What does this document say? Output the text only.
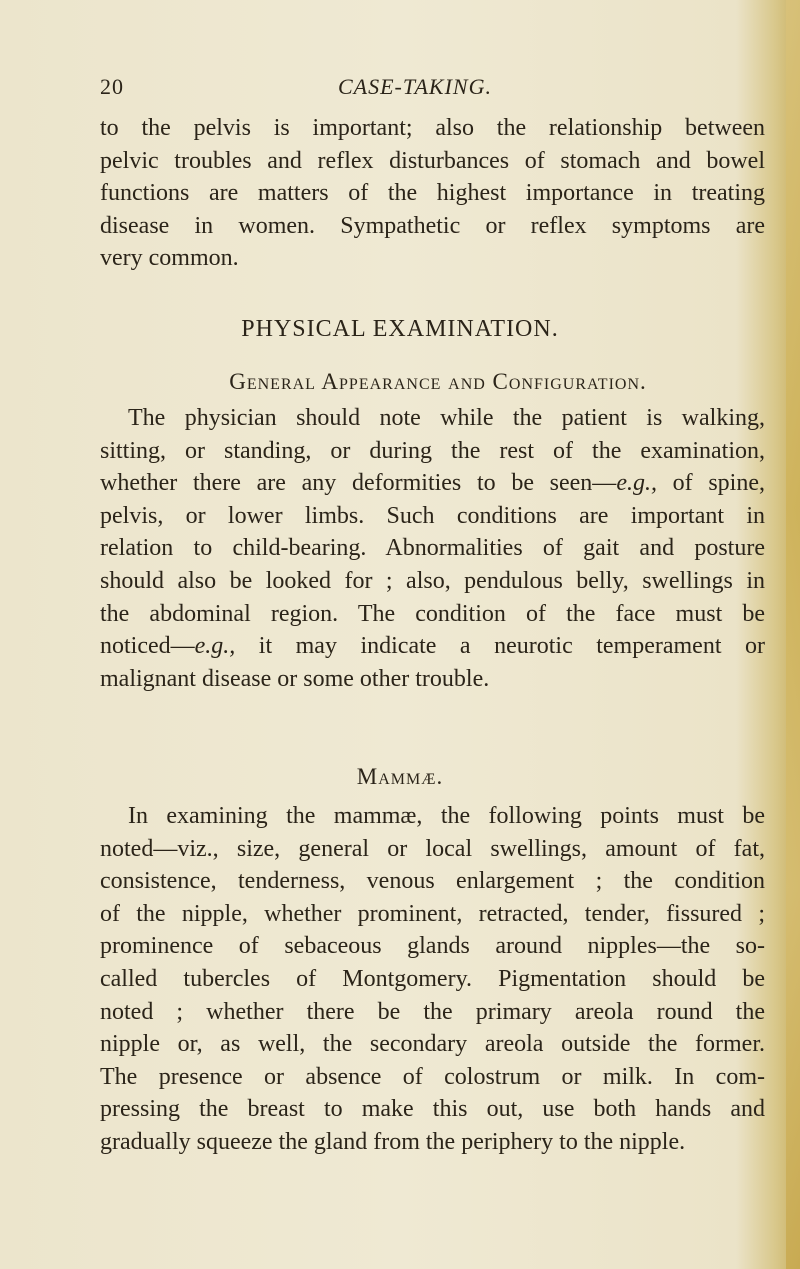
20	CASE-TAKING.
to the pelvis is important; also the relationship between
pelvic troubles and reflex disturbances of stomach and bowel
functions are matters of the highest importance in treating
disease in women. Sympathetic or reflex symptoms are
very common.
PHYSICAL EXAMINATION.
General Appearance and Configuration.
The physician should note while the patient is walking,
sitting, or standing, or during the rest of the examination,
whether there are any deformities to be seen—e.g., of spine,
pelvis, or lower limbs. Such conditions are important in
relation to child-bearing. Abnormalities of gait and posture
should also be looked for ; also, pendulous belly, swellings in
the abdominal region. The condition of the face must be
noticed—e.g., it may indicate a neurotic temperament or
malignant disease or some other trouble.
Mammæ.
In examining the mammæ, the following points must be
noted—viz., size, general or local swellings, amount of fat,
consistence, tenderness, venous enlargement ; the condition
of the nipple, whether prominent, retracted, tender, fissured ;
prominence of sebaceous glands around nipples—the so-
called tubercles of Montgomery. Pigmentation should be
noted ; whether there be the primary areola round the
nipple or, as well, the secondary areola outside the former.
The presence or absence of colostrum or milk. In com-
pressing the breast to make this out, use both hands and
gradually squeeze the gland from the periphery to the nipple.
